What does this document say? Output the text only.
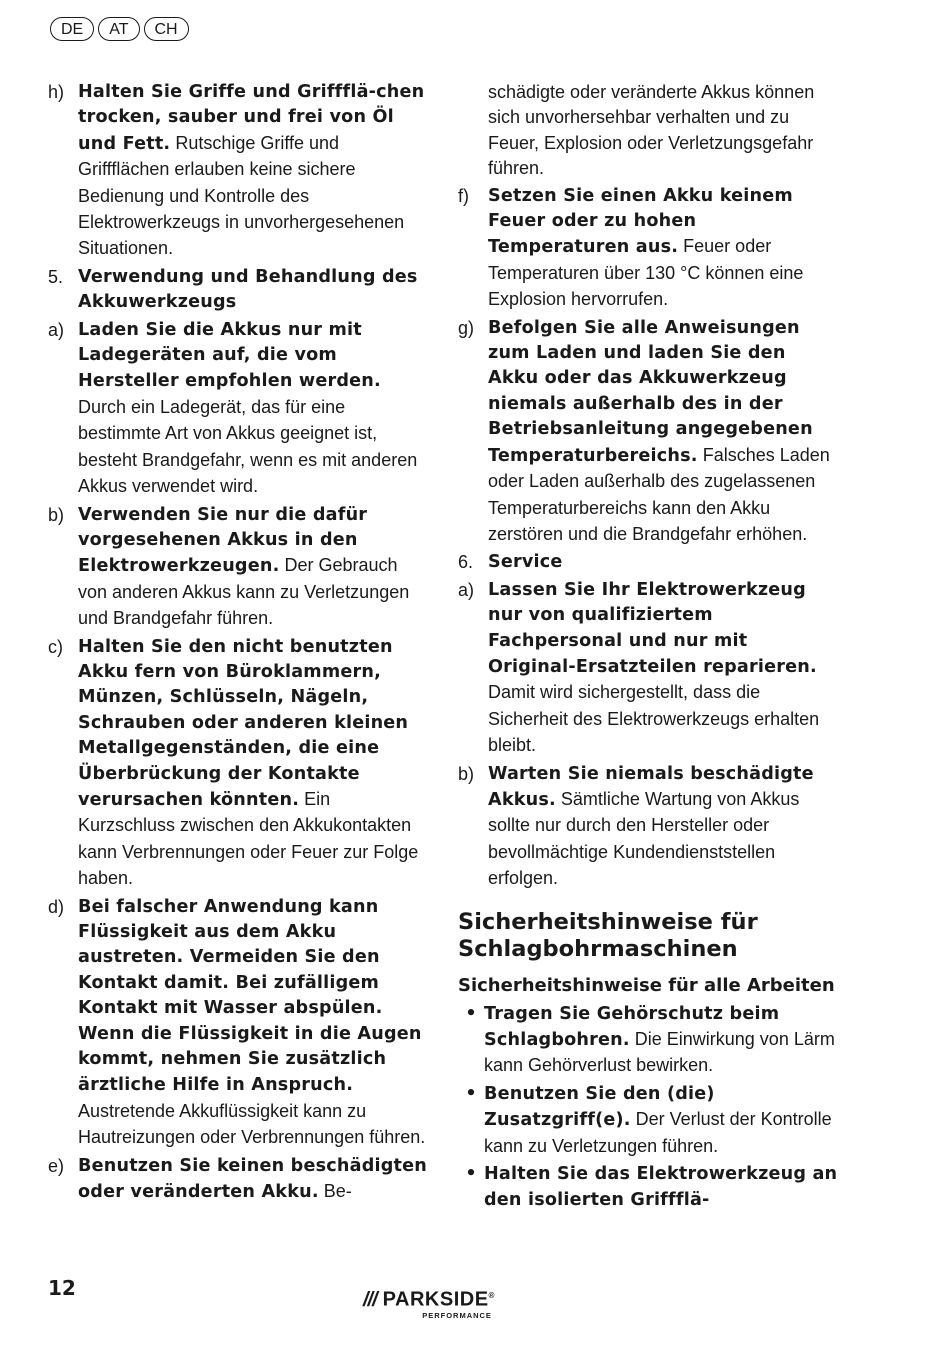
DE	AT	CH
h) Halten Sie Griffe und Griffflä-chen trocken, sauber und frei von Öl und Fett. Rutschige Griffe und Griffflächen erlauben keine sichere Bedienung und Kontrolle des Elektrowerkzeugs in unvorhergesehenen Situationen.
5. Verwendung und Behandlung des Akkuwerkzeugs
a) Laden Sie die Akkus nur mit Ladegeräten auf, die vom Hersteller empfohlen werden. Durch ein Ladegerät, das für eine bestimmte Art von Akkus geeignet ist, besteht Brandgefahr, wenn es mit anderen Akkus verwendet wird.
b) Verwenden Sie nur die dafür vorgesehenen Akkus in den Elektrowerkzeugen. Der Gebrauch von anderen Akkus kann zu Verletzungen und Brandgefahr führen.
c) Halten Sie den nicht benutzten Akku fern von Büroklammern, Münzen, Schlüsseln, Nägeln, Schrauben oder anderen kleinen Metallgegenständen, die eine Überbrückung der Kontakte verursachen könnten. Ein Kurzschluss zwischen den Akkukontakten kann Verbrennungen oder Feuer zur Folge haben.
d) Bei falscher Anwendung kann Flüssigkeit aus dem Akku austreten. Vermeiden Sie den Kontakt damit. Bei zufälligem Kontakt mit Wasser abspülen. Wenn die Flüssigkeit in die Augen kommt, nehmen Sie zusätzlich ärztliche Hilfe in Anspruch. Austretende Akkuflüssigkeit kann zu Hautreizungen oder Verbrennungen führen.
e) Benutzen Sie keinen beschädigten oder veränderten Akku. Be-
schädigte oder veränderte Akkus können sich unvorhersehbar verhalten und zu Feuer, Explosion oder Verletzungsgefahr führen.
f)	Setzen Sie einen Akku keinem Feuer oder zu hohen Temperaturen aus. Feuer oder Temperaturen über 130 °C können eine Explosion hervorrufen.
g) Befolgen Sie alle Anweisungen zum Laden und laden Sie den Akku oder das Akkuwerkzeug niemals außerhalb des in der Betriebsanleitung angegebenen Temperaturbereichs. Falsches Laden oder Laden außerhalb des zugelassenen Temperaturbereichs kann den Akku zerstören und die Brandgefahr erhöhen.
6. Service
a) Lassen Sie Ihr Elektrowerkzeug nur von qualifiziertem Fachpersonal und nur mit Original-Ersatzteilen reparieren. Damit wird sichergestellt, dass die Sicherheit des Elektrowerkzeugs erhalten bleibt.
b) Warten Sie niemals beschädigte Akkus. Sämtliche Wartung von Akkus sollte nur durch den Hersteller oder bevollmächtige Kundendienststellen erfolgen.
Sicherheitshinweise für Schlagbohrmaschinen
Sicherheitshinweise für alle Arbeiten
• Tragen Sie Gehörschutz beim Schlagbohren. Die Einwirkung von Lärm kann Gehörverlust bewirken.
• Benutzen Sie den (die) Zusatzgriff(e). Der Verlust der Kontrolle kann zu Verletzungen führen.
• Halten Sie das Elektrowerkzeug an den isolierten Griffflä-
12	/// PARKSIDE®
PERFORMANCE
